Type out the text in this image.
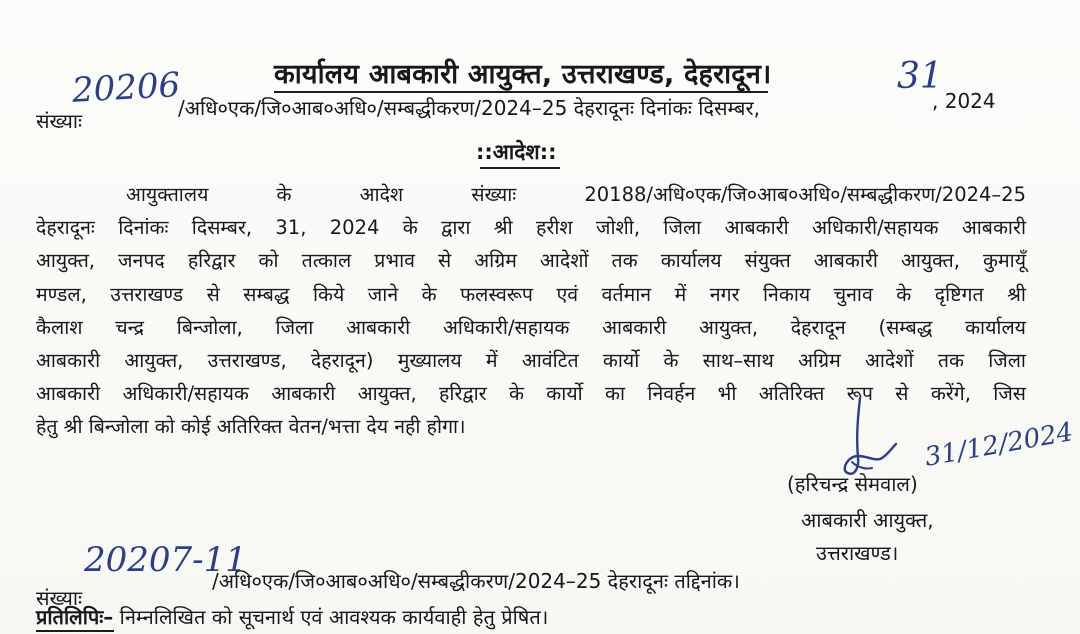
कार्यालय आबकारी आयुक्त, उत्तराखण्ड, देहरादून।
20206	31
संख्याः
/अधि०एक/जि०आब०अधि०/सम्बद्धीकरण/2024–25 देहरादूनः दिनांकः दिसम्बर,	, 2024
::आदेश::

आयुक्तालय के आदेश संख्याः 20188/अधि०एक/जि०आब०अधि०/सम्बद्धीकरण/2024–25
देहरादूनः दिनांकः दिसम्बर, 31, 2024 के द्वारा श्री हरीश जोशी, जिला आबकारी अधिकारी/सहायक आबकारी
आयुक्त, जनपद हरिद्वार को तत्काल प्रभाव से अग्रिम आदेशों तक कार्यालय संयुक्त आबकारी आयुक्त, कुमायूँ
मण्डल, उत्तराखण्ड से सम्बद्ध किये जाने के फलस्वरूप एवं वर्तमान में नगर निकाय चुनाव के दृष्टिगत श्री
कैलाश चन्द्र बिन्जोला, जिला आबकारी अधिकारी/सहायक आबकारी आयुक्त, देहरादून (सम्बद्ध कार्यालय
आबकारी आयुक्त, उत्तराखण्ड, देहरादून) मुख्यालय में आवंटित कार्यो के साथ–साथ अग्रिम आदेशों तक जिला
आबकारी अधिकारी/सहायक आबकारी आयुक्त, हरिद्वार के कार्यो का निवर्हन भी अतिरिक्त रूप से करेंगे, जिस
हेतु श्री बिन्जोला को कोई अतिरिक्त वेतन/भत्ता देय नही होगा।	31/12/2024
(हरिचन्द्र सेमवाल)
आबकारी आयुक्त,
उत्तराखण्ड।
20207-11
संख्याः
/अधि०एक/जि०आब०अधि०/सम्बद्धीकरण/2024–25 देहरादूनः तद्दिनांक।
प्रतिलिपिः– निम्नलिखित को सूचनार्थ एवं आवश्यक कार्यवाही हेतु प्रेषित।
